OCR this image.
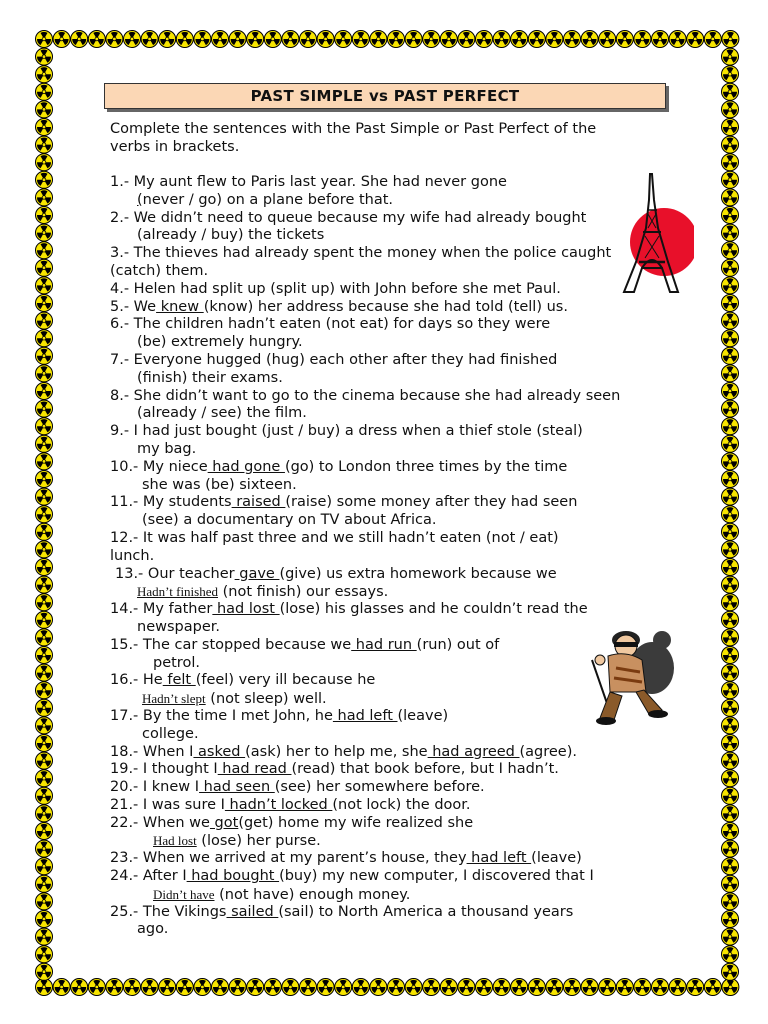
PAST SIMPLE vs PAST PERFECT
Complete the sentences with the Past Simple or Past Perfect of the
verbs in brackets.
1.- My aunt flew to Paris last year. She had never gone
(never / go) on a plane before that.
2.- We didn’t need to queue because my wife had already bought
(already / buy) the tickets
3.- The thieves had already spent the money when the police caught
(catch) them.
4.- Helen had split up (split up) with John before she met Paul.
5.- We knew (know) her address because she had told (tell) us.
6.- The children hadn’t eaten (not eat) for days so they were
(be) extremely hungry.
7.- Everyone hugged (hug) each other after they had finished
(finish) their exams.
8.- She didn’t want to go to the cinema because she had already seen
(already / see) the film.
9.- I had just bought (just / buy) a dress when a thief stole (steal)
my bag.
10.- My niece had gone (go) to London three times by the time
she was (be) sixteen.
11.- My students raised (raise) some money after they had seen
(see) a documentary on TV about Africa.
12.- It was half past three and we still hadn’t eaten (not / eat)
lunch.
13.- Our teacher gave (give) us extra homework because we
Hadn’t finished (not finish) our essays.
14.- My father had lost (lose) his glasses and he couldn’t read the
newspaper.
15.- The car stopped because we had run (run) out of
petrol.
16.- He felt (feel) very ill because he
Hadn’t slept (not sleep) well.
17.- By the time I met John, he had left (leave)
college.
18.- When I asked (ask) her to help me, she had agreed (agree).
19.- I thought I had read (read) that book before, but I hadn’t.
20.- I knew I had seen (see) her somewhere before.
21.- I was sure I hadn’t locked (not lock) the door.
22.- When we got(get) home my wife realized she
Had lost (lose) her purse.
23.- When we arrived at my parent’s house, they had left (leave)
24.- After I had bought (buy) my new computer, I discovered that I
Didn’t have (not have) enough money.
25.- The Vikings sailed (sail) to North America a thousand years
ago.
